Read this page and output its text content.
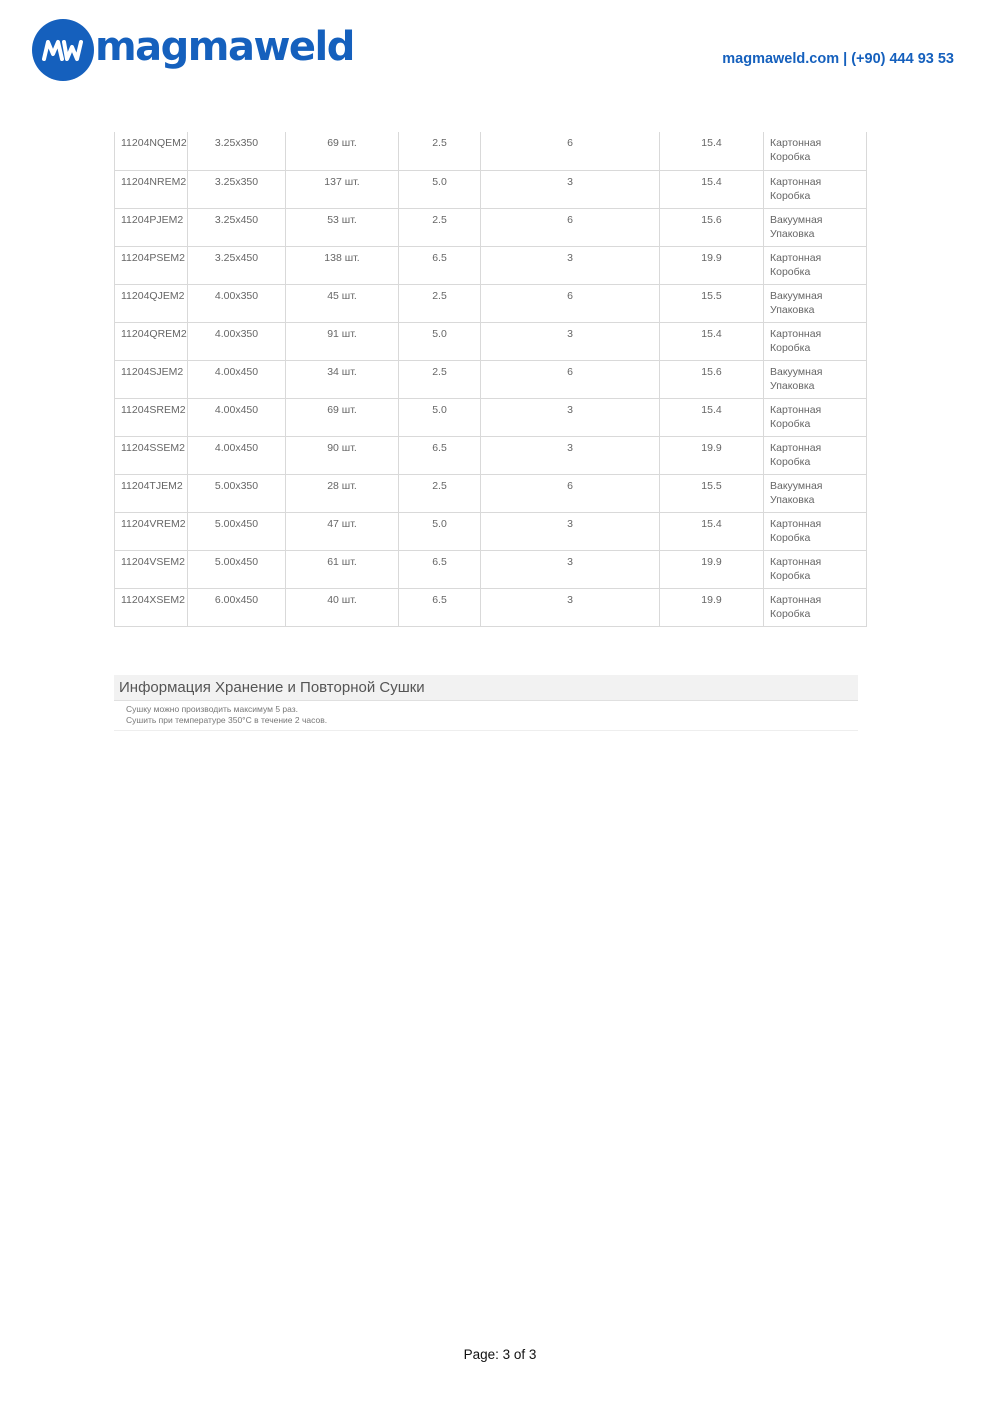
magmaweld	magmaweld.com | (+90) 444 93 53
11204NQEM2	3.25x350	69 шт.	2.5	6	15.4	Картонная Коробка
11204NREM2	3.25x350	137 шт.	5.0	3	15.4	Картонная Коробка
11204PJEM2	3.25x450	53 шт.	2.5	6	15.6	Вакуумная Упаковка
11204PSEM2	3.25x450	138 шт.	6.5	3	19.9	Картонная Коробка
11204QJEM2	4.00x350	45 шт.	2.5	6	15.5	Вакуумная Упаковка
11204QREM2	4.00x350	91 шт.	5.0	3	15.4	Картонная Коробка
11204SJEM2	4.00x450	34 шт.	2.5	6	15.6	Вакуумная Упаковка
11204SREM2	4.00x450	69 шт.	5.0	3	15.4	Картонная Коробка
11204SSEM2	4.00x450	90 шт.	6.5	3	19.9	Картонная Коробка
11204TJEM2	5.00x350	28 шт.	2.5	6	15.5	Вакуумная Упаковка
11204VREM2	5.00x450	47 шт.	5.0	3	15.4	Картонная Коробка
11204VSEM2	5.00x450	61 шт.	6.5	3	19.9	Картонная Коробка
11204XSEM2	6.00x450	40 шт.	6.5	3	19.9	Картонная Коробка
Информация Хранение и Повторной Сушки
Сушку можно производить максимум 5 раз.
Сушить при температуре 350°C в течение 2 часов.
Page: 3 of 3
